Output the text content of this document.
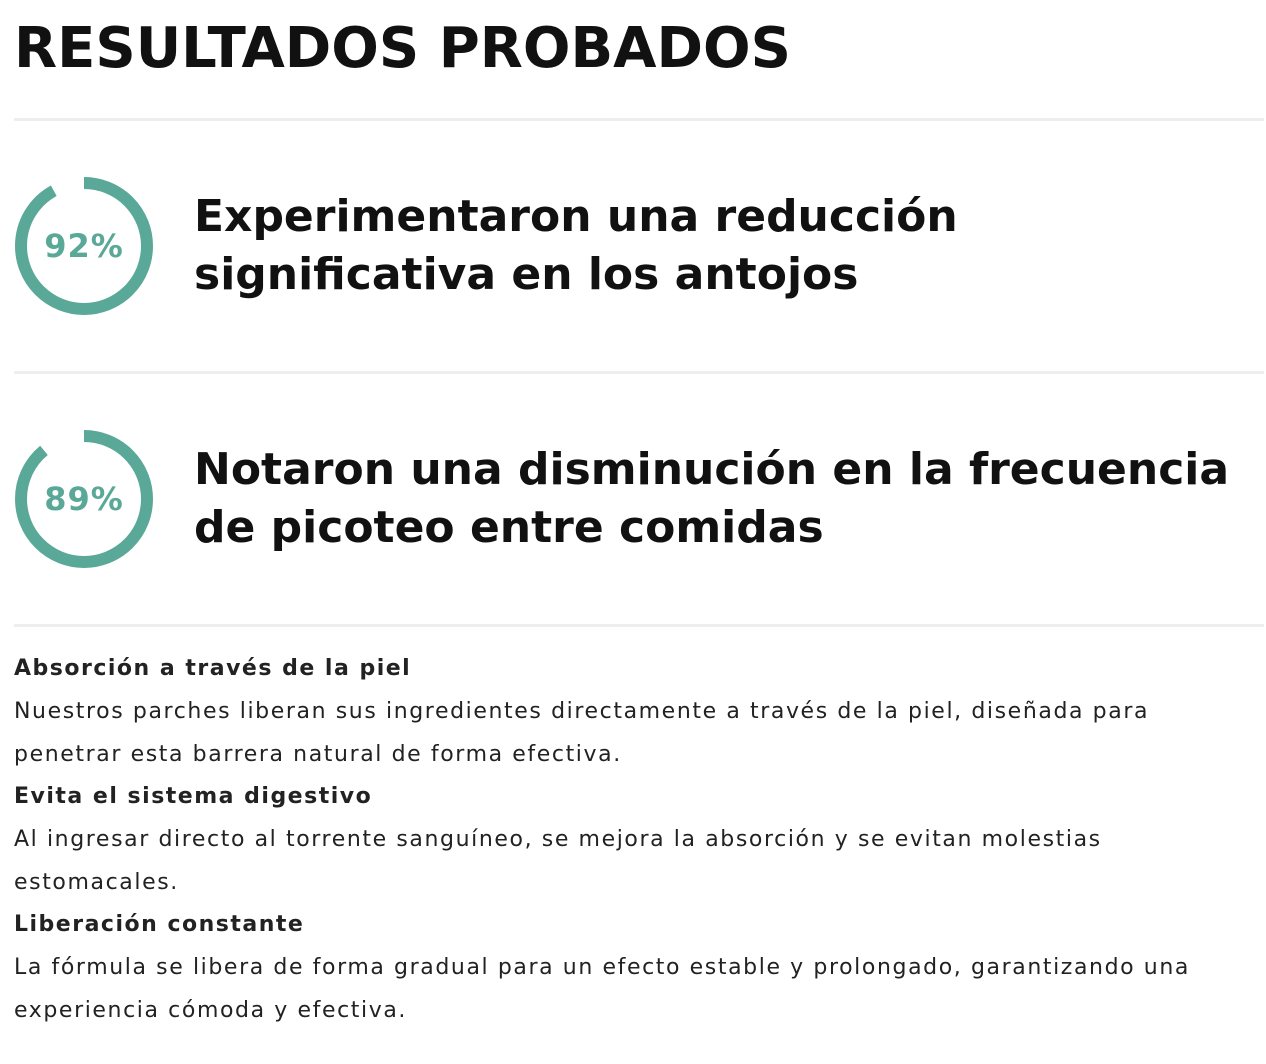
RESULTADOS PROBADOS
92%
Experimentaron una reducción significativa en los antojos
89%
Notaron una disminución en la frecuencia de picoteo entre comidas

Absorción a través de la piel

Nuestros parches liberan sus ingredientes directamente a través de la piel, diseñada para penetrar esta barrera natural de forma efectiva.

Evita el sistema digestivo

Al ingresar directo al torrente sanguíneo, se mejora la absorción y se evitan molestias estomacales.

Liberación constante

La fórmula se libera de forma gradual para un efecto estable y prolongado, garantizando una experiencia cómoda y efectiva.
